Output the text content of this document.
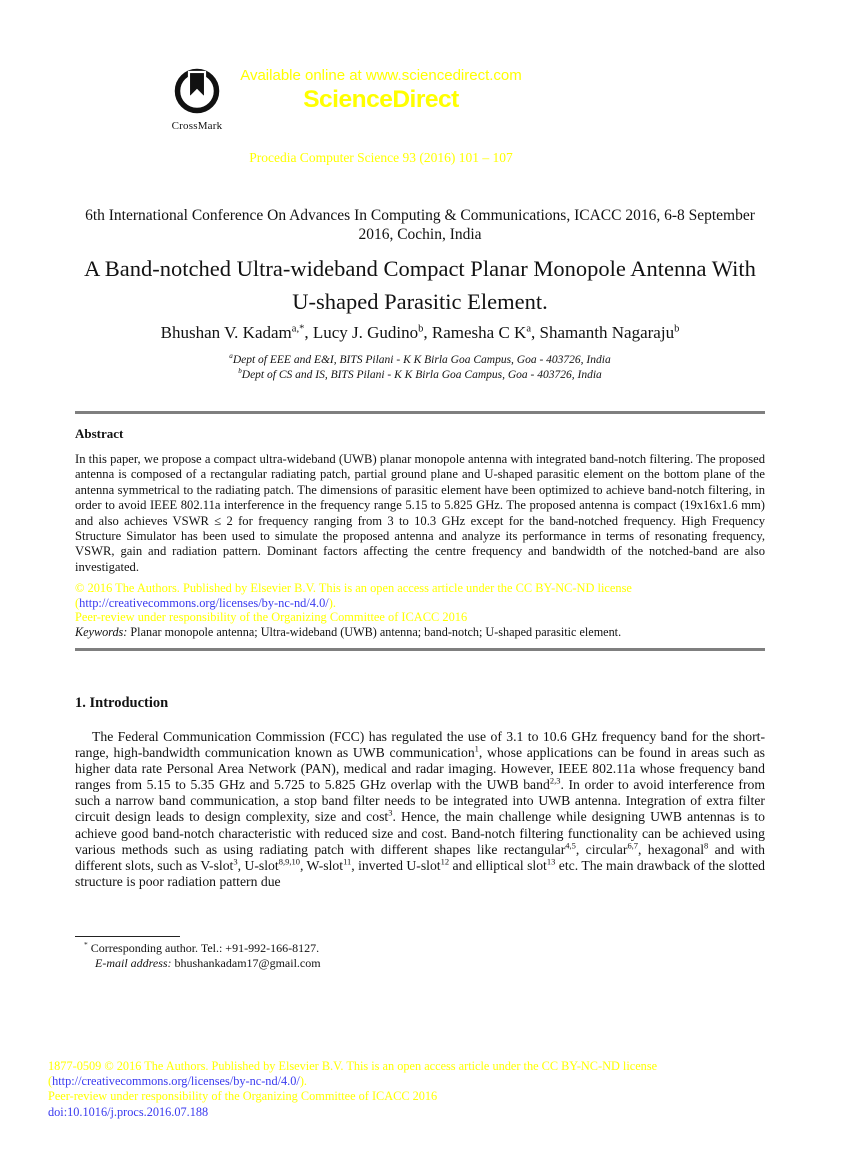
CrossMark
Available online at www.sciencedirect.com
ScienceDirect
Procedia Computer Science 93 (2016) 101 – 107
6th International Conference On Advances In Computing & Communications, ICACC 2016, 6-8 September 2016, Cochin, India
A Band-notched Ultra-wideband Compact Planar Monopole Antenna With U-shaped Parasitic Element.
Bhushan V. Kadam$^{a,*}$, Lucy J. Gudino$^b$, Ramesha C $K^a$, Shamanth Nagaraju$^b$
$^a$Dept of EEE and E&I, BITS Pilani - K K Birla Goa Campus, Goa - 403726, India
$^b$Dept of CS and IS, BITS Pilani - K K Birla Goa Campus, Goa - 403726, India
Abstract
In this paper, we propose a compact ultra-wideband (UWB) planar monopole antenna with integrated band-notch filtering. The proposed antenna is composed of a rectangular radiating patch, partial ground plane and U-shaped parasitic element on the bottom plane of the antenna symmetrical to the radiating patch. The dimensions of parasitic element have been optimized to achieve band-notch filtering, in order to avoid IEEE 802.11a interference in the frequency range 5.15 to 5.825 GHz. The proposed antenna is compact (19x16x1.6 mm) and also achieves VSWR ≤ 2 for frequency ranging from 3 to 10.3 GHz except for the band-notched frequency. High Frequency Structure Simulator has been used to simulate the proposed antenna and analyze its performance in terms of resonating frequency, VSWR, gain and radiation pattern. Dominant factors affecting the centre frequency and bandwidth of the notched-band are also investigated.
© 2016 The Authors. Published by Elsevier B.V. This is an open access article under the CC BY-NC-ND license
(http://creativecommons.org/licenses/by-nc-nd/4.0/).
Peer-review under responsibility of the Organizing Committee of ICACC 2016
Keywords: Planar monopole antenna; Ultra-wideband (UWB) antenna; band-notch; U-shaped parasitic element.
1. Introduction
The Federal Communication Commission (FCC) has regulated the use of 3.1 to 10.6 GHz frequency band for the short-range, high-bandwidth communication known as UWB communication$^1$, whose applications can be found in areas such as higher data rate Personal Area Network (PAN), medical and radar imaging. However, IEEE 802.11a whose frequency band ranges from 5.15 to 5.35 GHz and 5.725 to 5.825 GHz overlap with the UWB band$^{2,3}$. In order to avoid interference from such a narrow band communication, a stop band filter needs to be integrated into UWB antenna. Integration of extra filter circuit design leads to design complexity, size and cost$^3$. Hence, the main challenge while designing UWB antennas is to achieve good band-notch characteristic with reduced size and cost. Band-notch filtering functionality can be achieved using various methods such as using radiating patch with different shapes like rectangular$^{4,5}$, circular$^{6,7}$, hexagonal$^8$ and with different slots, such as V-slot$^3$, U-slot$^{8,9,10}$, W-slot$^{11}$, inverted U-slot$^{12}$ and elliptical slot$^{13}$ etc. The main drawback of the slotted structure is poor radiation pattern due
* Corresponding author. Tel.: +91-992-166-8127.
E-mail address: bhushankadam17@gmail.com
1877-0509 © 2016 The Authors. Published by Elsevier B.V. This is an open access article under the CC BY-NC-ND license
(http://creativecommons.org/licenses/by-nc-nd/4.0/).
Peer-review under responsibility of the Organizing Committee of ICACC 2016
doi:10.1016/j.procs.2016.07.188
